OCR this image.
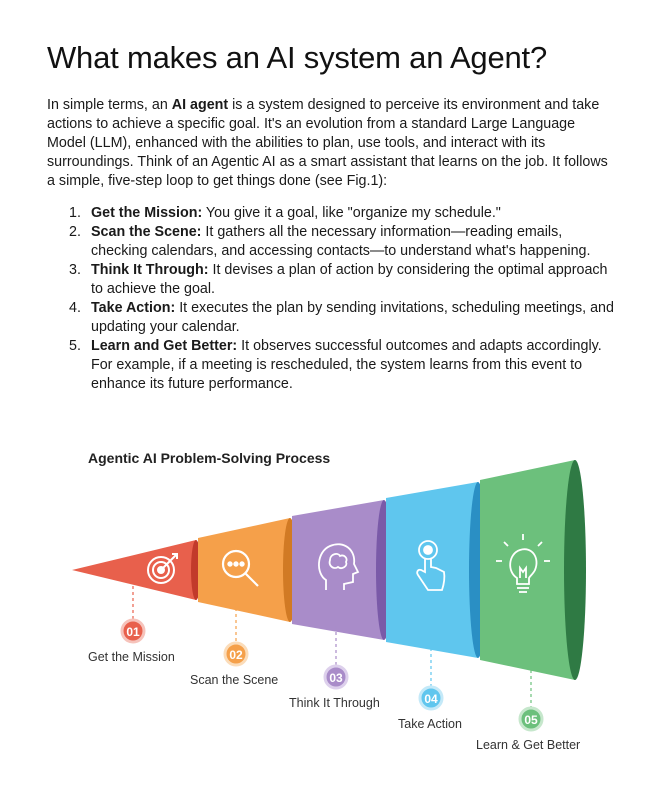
What makes an AI system an Agent?

In simple terms, an AI agent is a system designed to perceive its environment and take actions to achieve a specific goal. It's an evolution from a standard Large Language Model (LLM), enhanced with the abilities to plan, use tools, and interact with its surroundings. Think of an Agentic AI as a smart assistant that learns on the job. It follows a simple, five-step loop to get things done (see Fig.1):

1. Get the Mission: You give it a goal, like "organize my schedule."
2. Scan the Scene: It gathers all the necessary information—reading emails, checking calendars, and accessing contacts—to understand what's happening.
3. Think It Through: It devises a plan of action by considering the optimal approach to achieve the goal.
4. Take Action: It executes the plan by sending invitations, scheduling meetings, and updating your calendar.
5. Learn and Get Better: It observes successful outcomes and adapts accordingly. For example, if a meeting is rescheduled, the system learns from this event to enhance its future performance.
Agentic AI Problem-Solving Process
01
02
03
04
05
Get the Mission
Scan the Scene
Think It Through
Take Action
Learn & Get Better
